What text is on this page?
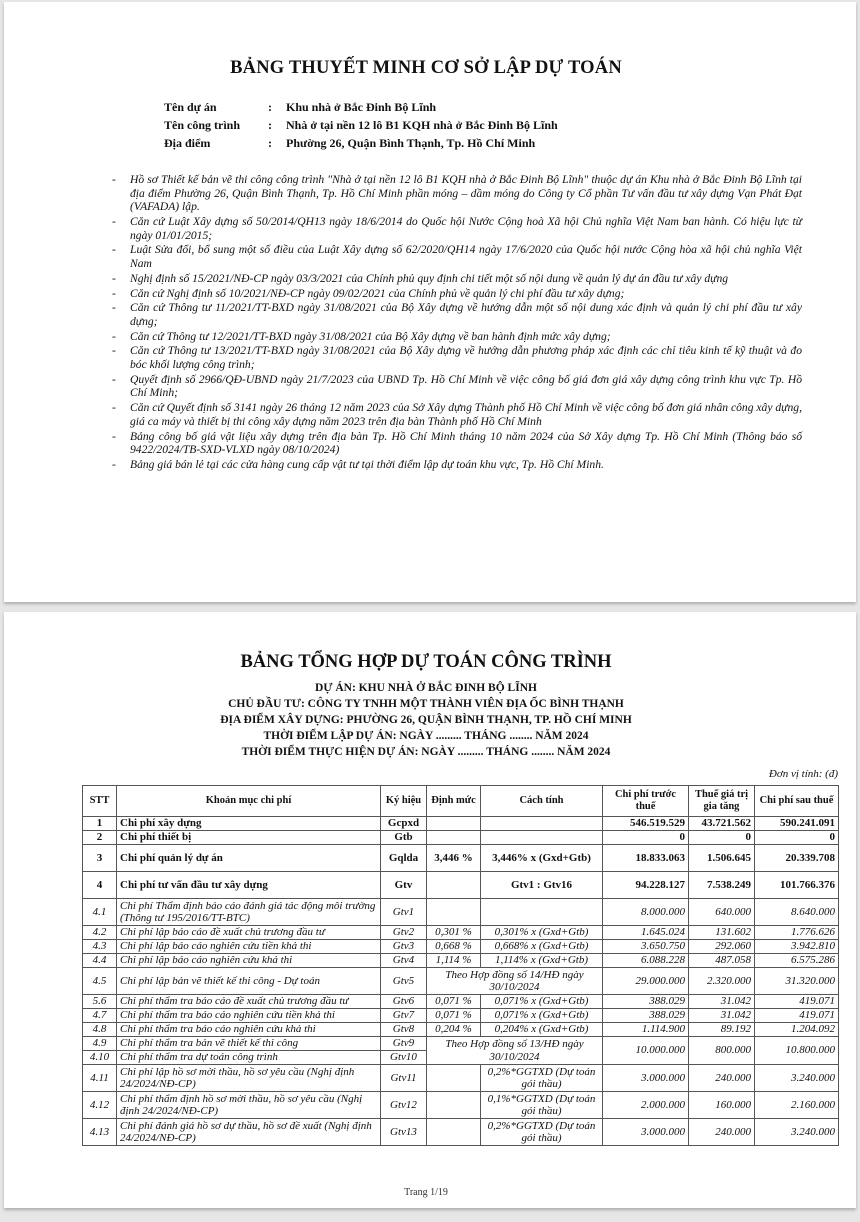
BẢNG THUYẾT MINH CƠ SỞ LẬP DỰ TOÁN
Tên dự án	:	Khu nhà ở Bắc Đinh Bộ Lĩnh
Tên công trình	:	Nhà ở tại nền 12 lô B1 KQH nhà ở Bắc Đinh Bộ Lĩnh
Địa điểm	:	Phường 26, Quận Bình Thạnh, Tp. Hồ Chí Minh
-	Hồ sơ Thiết kế bản vẽ thi công công trình "Nhà ở tại nền 12 lô B1 KQH nhà ở Bắc Đinh Bộ Lĩnh" thuộc dự án Khu nhà ở Bắc Đinh Bộ Lĩnh tại địa điểm Phường 26, Quận Bình Thạnh, Tp. Hồ Chí Minh phần móng – dầm móng do Công ty Cổ phần Tư vấn đầu tư xây dựng Vạn Phát Đạt (VAFADA) lập.
-	Căn cứ Luật Xây dựng số 50/2014/QH13 ngày 18/6/2014 do Quốc hội Nước Cộng hoà Xã hội Chủ nghĩa Việt Nam ban hành. Có hiệu lực từ ngày 01/01/2015;
-	Luật Sửa đổi, bổ sung một số điều của Luật Xây dựng số 62/2020/QH14 ngày 17/6/2020 của Quốc hội nước Cộng hòa xã hội chủ nghĩa Việt Nam
-	Nghị định số 15/2021/NĐ-CP ngày 03/3/2021 của Chính phủ quy định chi tiết một số nội dung về quản lý dự án đầu tư xây dựng
-	Căn cứ Nghị định số 10/2021/NĐ-CP ngày 09/02/2021 của Chính phủ về quản lý chi phí đầu tư xây dựng;
-	Căn cứ Thông tư 11/2021/TT-BXD ngày 31/08/2021 của Bộ Xây dựng về hướng dẫn một số nội dung xác định và quản lý chi phí đầu tư xây dựng;
-	Căn cứ Thông tư 12/2021/TT-BXD ngày 31/08/2021 của Bộ Xây dựng về ban hành định mức xây dựng;
-	Căn cứ Thông tư 13/2021/TT-BXD ngày 31/08/2021 của Bộ Xây dựng về hướng dẫn phương pháp xác định các chỉ tiêu kinh tế kỹ thuật và đo bóc khối lượng công trình;
-	Quyết định số 2966/QĐ-UBND ngày 21/7/2023 của UBND Tp. Hồ Chí Minh về việc công bố giá đơn giá xây dựng công trình khu vực Tp. Hồ Chí Minh;
-	Căn cứ Quyết định số 3141 ngày 26 tháng 12 năm 2023 của Sở Xây dựng Thành phố Hồ Chí Minh về việc công bố đơn giá nhân công xây dựng, giá ca máy và thiết bị thi công xây dựng năm 2023 trên địa bàn Thành phố Hồ Chí Minh
-	Bảng công bố giá vật liệu xây dựng trên địa bàn Tp. Hồ Chí Minh tháng 10 năm 2024 của Sở Xây dựng Tp. Hồ Chí Minh (Thông báo số 9422/2024/TB-SXD-VLXD ngày 08/10/2024)
-	Bảng giá bán lẻ tại các cửa hàng cung cấp vật tư tại thời điểm lập dự toán khu vực, Tp. Hồ Chí Minh.
BẢNG TỔNG HỢP DỰ TOÁN CÔNG TRÌNH
DỰ ÁN: KHU NHÀ Ở BẮC ĐINH BỘ LĨNH
CHỦ ĐẦU TƯ: CÔNG TY TNHH MỘT THÀNH VIÊN ĐỊA ỐC BÌNH THẠNH
ĐỊA ĐIỂM XÂY DỰNG: PHƯỜNG 26, QUẬN BÌNH THẠNH, TP. HỒ CHÍ MINH
THỜI ĐIỂM LẬP DỰ ÁN: NGÀY ......... THÁNG ........ NĂM 2024
THỜI ĐIỂM THỰC HIỆN DỰ ÁN: NGÀY ......... THÁNG ........ NĂM 2024
Đơn vị tính: (đ)
STT	Khoản mục chi phí	Ký hiệu	Định mức	Cách tính	Chi phí trước thuế	Thuế giá trị gia tăng	Chi phí sau thuế
1	Chi phí xây dựng	Gcpxd			546.519.529	43.721.562	590.241.091
2	Chi phí thiết bị	Gtb			0	0	0
3	Chi phí quản lý dự án	Gqlda	3,446 %	3,446% x (Gxd+Gtb)	18.833.063	1.506.645	20.339.708
4	Chi phí tư vấn đầu tư xây dựng	Gtv		Gtv1 : Gtv16	94.228.127	7.538.249	101.766.376
4.1	Chi phí Thẩm định báo cáo đánh giá tác động môi trường (Thông tư 195/2016/TT-BTC)	Gtv1			8.000.000	640.000	8.640.000
4.2	Chi phí lập báo cáo đề xuất chủ trương đầu tư	Gtv2	0,301 %	0,301% x (Gxd+Gtb)	1.645.024	131.602	1.776.626
4.3	Chi phí lập báo cáo nghiên cứu tiền khả thi	Gtv3	0,668 %	0,668% x (Gxd+Gtb)	3.650.750	292.060	3.942.810
4.4	Chi phí lập báo cáo nghiên cứu khả thi	Gtv4	1,114 %	1,114% x (Gxd+Gtb)	6.088.228	487.058	6.575.286
4.5	Chi phí lập bản vẽ thiết kế thi công - Dự toán	Gtv5	Theo Hợp đồng số 14/HĐ ngày 30/10/2024		29.000.000	2.320.000	31.320.000
5.6	Chi phí thẩm tra báo cáo đề xuất chủ trương đầu tư	Gtv6	0,071 %	0,071% x (Gxd+Gtb)	388.029	31.042	419.071
4.7	Chi phí thẩm tra báo cáo nghiên cứu tiền khả thi	Gtv7	0,071 %	0,071% x (Gxd+Gtb)	388.029	31.042	419.071
4.8	Chi phí thẩm tra báo cáo nghiên cứu khả thi	Gtv8	0,204 %	0,204% x (Gxd+Gtb)	1.114.900	89.192	1.204.092
4.9	Chi phí thẩm tra bản vẽ thiết kế thi công	Gtv9	Theo Hợp đồng số 13/HĐ ngày 30/10/2024		10.000.000	800.000	10.800.000
4.10	Chi phí thẩm tra dự toán công trình	Gtv10					
4.11	Chi phí lập hồ sơ mời thầu, hồ sơ yêu cầu (Nghị định 24/2024/NĐ-CP)	Gtv11		0,2%*GGTXD (Dự toán gói thầu)	3.000.000	240.000	3.240.000
4.12	Chi phí thẩm định hồ sơ mời thầu, hồ sơ yêu cầu (Nghị định 24/2024/NĐ-CP)	Gtv12		0,1%*GGTXD (Dự toán gói thầu)	2.000.000	160.000	2.160.000
4.13	Chi phí đánh giá hồ sơ dự thầu, hồ sơ đề xuất (Nghị định 24/2024/NĐ-CP)	Gtv13		0,2%*GGTXD (Dự toán gói thầu)	3.000.000	240.000	3.240.000
Trang 1/19
